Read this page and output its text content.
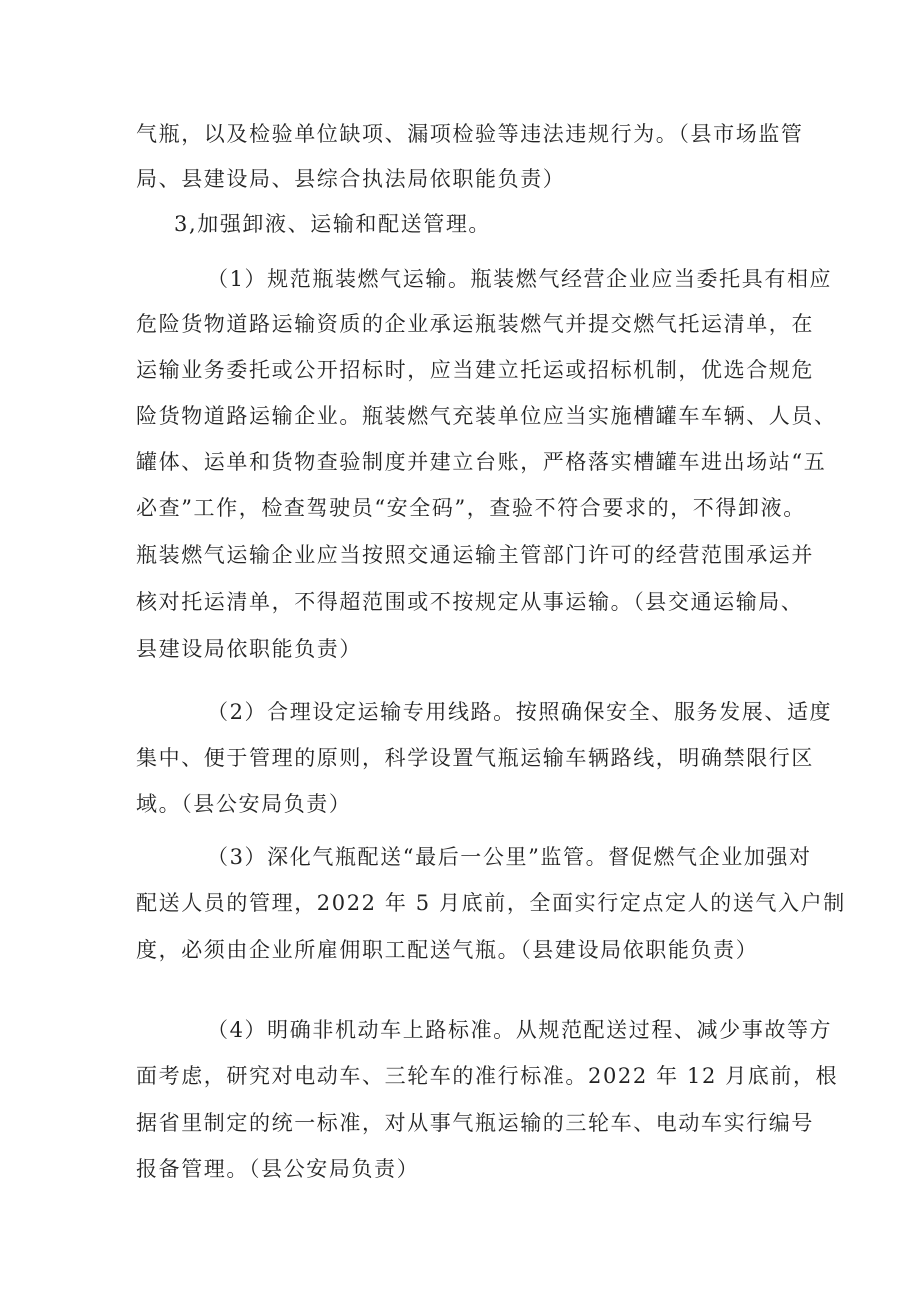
气瓶，以及检验单位缺项、漏项检验等违法违规行为。（县市场监管
局、县建设局、县综合执法局依职能负责）
3,加强卸液、运输和配送管理。
（1）规范瓶装燃气运输。瓶装燃气经营企业应当委托具有相应
危险货物道路运输资质的企业承运瓶装燃气并提交燃气托运清单，在
运输业务委托或公开招标时，应当建立托运或招标机制，优选合规危
险货物道路运输企业。瓶装燃气充装单位应当实施槽罐车车辆、人员、
罐体、运单和货物查验制度并建立台账，严格落实槽罐车进出场站“五
必查”工作，检查驾驶员“安全码”，查验不符合要求的，不得卸液。
瓶装燃气运输企业应当按照交通运输主管部门许可的经营范围承运并
核对托运清单，不得超范围或不按规定从事运输。（县交通运输局、
县建设局依职能负责）
（2）合理设定运输专用线路。按照确保安全、服务发展、适度
集中、便于管理的原则，科学设置气瓶运输车辆路线，明确禁限行区
域。（县公安局负责）
（3）深化气瓶配送“最后一公里”监管。督促燃气企业加强对
配送人员的管理，2022 年 5 月底前，全面实行定点定人的送气入户制
度，必须由企业所雇佣职工配送气瓶。（县建设局依职能负责）
（4）明确非机动车上路标准。从规范配送过程、减少事故等方
面考虑，研究对电动车、三轮车的准行标准。2022 年 12 月底前，根
据省里制定的统一标准，对从事气瓶运输的三轮车、电动车实行编号
报备管理。（县公安局负责）
